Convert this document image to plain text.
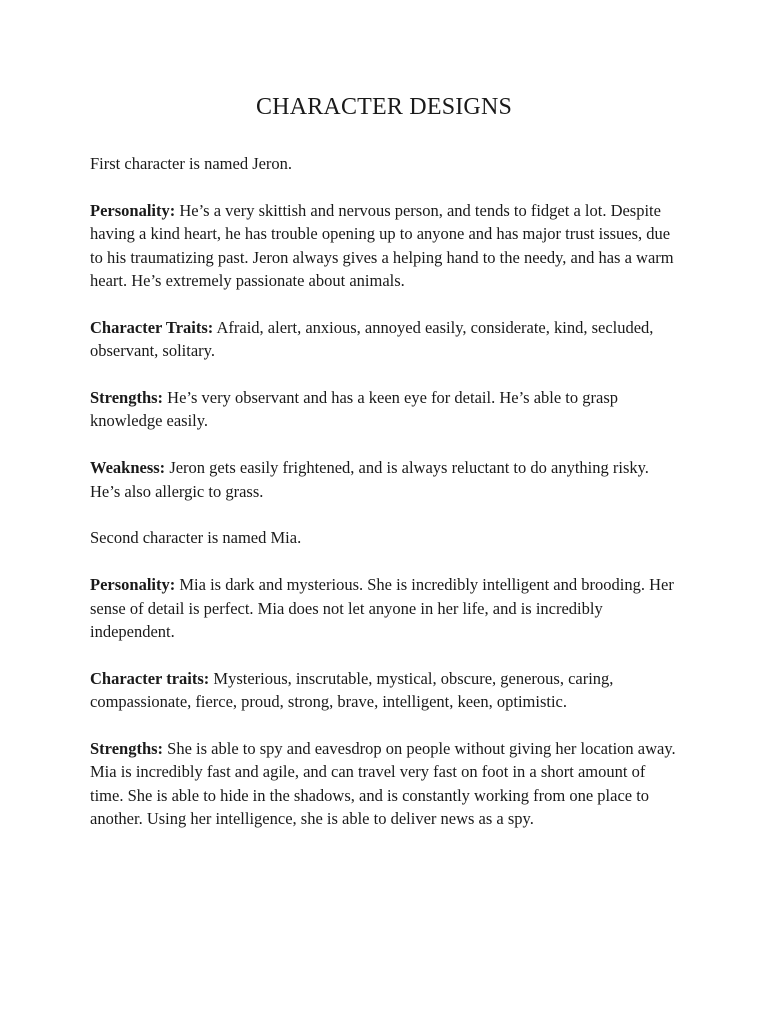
CHARACTER DESIGNS

First character is named Jeron.

Personality: He’s a very skittish and nervous person, and tends to fidget a lot. Despite having a kind heart, he has trouble opening up to anyone and has major trust issues, due to his traumatizing past. Jeron always gives a helping hand to the needy, and has a warm heart. He’s extremely passionate about animals.

Character Traits: Afraid, alert, anxious, annoyed easily, considerate, kind, secluded, observant, solitary.

Strengths: He’s very observant and has a keen eye for detail. He’s able to grasp knowledge easily.

Weakness: Jeron gets easily frightened, and is always reluctant to do anything risky. He’s also allergic to grass.

Second character is named Mia.

Personality: Mia is dark and mysterious. She is incredibly intelligent and brooding. Her sense of detail is perfect. Mia does not let anyone in her life, and is incredibly independent.

Character traits: Mysterious, inscrutable, mystical, obscure, generous, caring, compassionate, fierce, proud, strong, brave, intelligent, keen, optimistic.

Strengths: She is able to spy and eavesdrop on people without giving her location away. Mia is incredibly fast and agile, and can travel very fast on foot in a short amount of time. She is able to hide in the shadows, and is constantly working from one place to another. Using her intelligence, she is able to deliver news as a spy.
